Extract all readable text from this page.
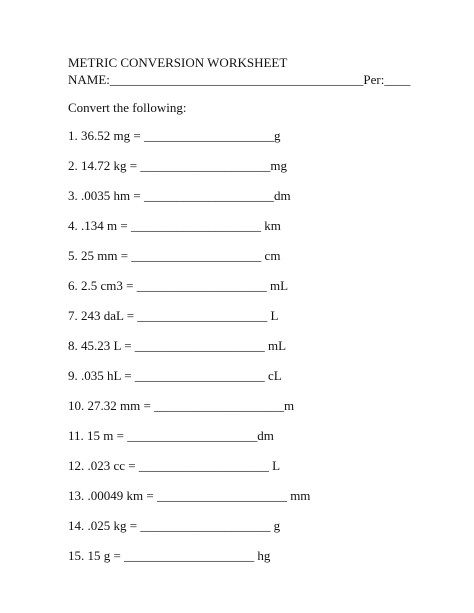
METRIC CONVERSION WORKSHEET
NAME:_______________________________________Per:____
Convert the following:
1. 36.52 mg = ____________________g
2. 14.72 kg = ____________________mg
3. .0035 hm = ____________________dm
4. .134 m = ____________________ km
5. 25 mm = ____________________ cm
6. 2.5 cm3 = ____________________ mL
7. 243 daL = ____________________ L
8. 45.23 L = ____________________ mL
9. .035 hL = ____________________ cL
10. 27.32 mm = ____________________m
11. 15 m = ____________________dm
12. .023 cc = ____________________ L
13. .00049 km = ____________________ mm
14. .025 kg = ____________________ g
15. 15 g = ____________________ hg
